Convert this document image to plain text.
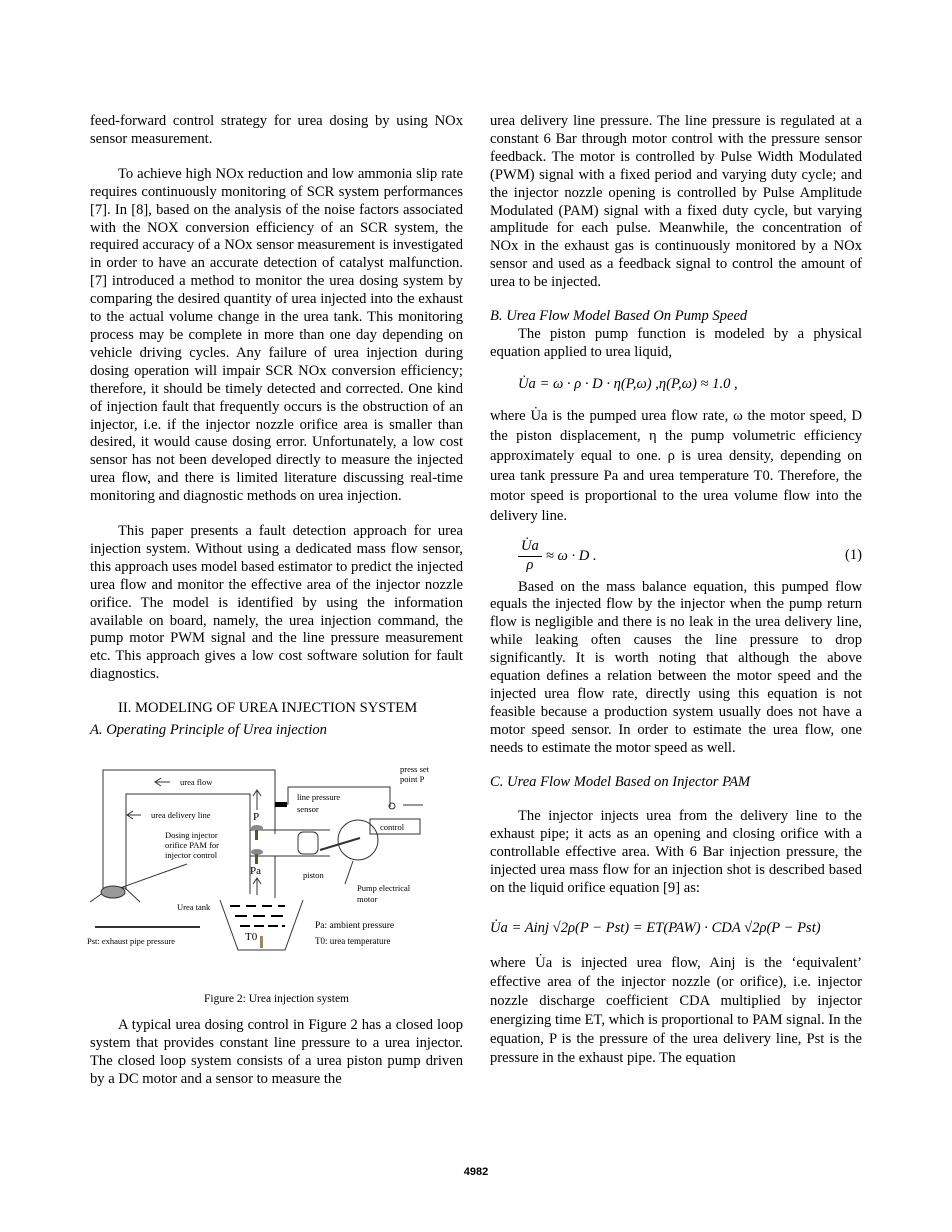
feed-forward control strategy for urea dosing by using NOx sensor measurement.
To achieve high NOx reduction and low ammonia slip rate requires continuously monitoring of SCR system performances [7]. In [8], based on the analysis of the noise factors associated with the NOX conversion efficiency of an SCR system, the required accuracy of a NOx sensor measurement is investigated in order to have an accurate detection of catalyst malfunction. [7] introduced a method to monitor the urea dosing system by comparing the desired quantity of urea injected into the exhaust to the actual volume change in the urea tank. This monitoring process may be complete in more than one day depending on vehicle driving cycles. Any failure of urea injection during dosing operation will impair SCR NOx conversion efficiency; therefore, it should be timely detected and corrected. One kind of injection fault that frequently occurs is the obstruction of an injector, i.e. if the injector nozzle orifice area is smaller than desired, it would cause dosing error. Unfortunately, a low cost sensor has not been developed directly to measure the injected urea flow, and there is limited literature discussing real-time monitoring and diagnostic methods on urea injection.
This paper presents a fault detection approach for urea injection system. Without using a dedicated mass flow sensor, this approach uses model based estimator to predict the injected urea flow and monitor the effective area of the injector nozzle orifice. The model is identified by using the information available on board, namely, the urea injection command, the pump motor PWM signal and the line pressure measurement etc. This approach gives a low cost software solution for fault diagnostics.
II. MODELING OF UREA INJECTION SYSTEM
A. Operating Principle of Urea injection
urea flow
urea delivery line
Dosing injector
orifice PAM for
injector control
Urea tank
Pst: exhaust pipe pressure
P
Pa
T0
line pressure
sensor
press set
point P
control
piston
Pump electrical
motor
Pa: ambient pressure
T0: urea temperature
Figure 2: Urea injection system
A typical urea dosing control in Figure 2 has a closed loop system that provides constant line pressure to a urea injector. The closed loop system consists of a urea piston pump driven by a DC motor and a sensor to measure the
urea delivery line pressure. The line pressure is regulated at a constant 6 Bar through motor control with the pressure sensor feedback. The motor is controlled by Pulse Width Modulated (PWM) signal with a fixed period and varying duty cycle; and the injector nozzle opening is controlled by Pulse Amplitude Modulated (PAM) signal with a fixed duty cycle, but varying amplitude for each pulse. Meanwhile, the concentration of NOx in the exhaust gas is continuously monitored by a NOx sensor and used as a feedback signal to control the amount of urea to be injected.
B. Urea Flow Model Based On Pump Speed
The piston pump function is modeled by a physical equation applied to urea liquid,
U̇a = ω · ρ · D · η(P,ω) ,η(P,ω) ≈ 1.0 ,
where U̇a is the pumped urea flow rate, ω the motor speed, D the piston displacement, η the pump volumetric efficiency approximately equal to one. ρ is urea density, depending on urea tank pressure Pa and urea temperature T0. Therefore, the motor speed is proportional to the urea volume flow into the delivery line.
$\frac{U̇a}{\rho} \approx \omega \cdot D$ .	(1)
Based on the mass balance equation, this pumped flow equals the injected flow by the injector when the pump return flow is negligible and there is no leak in the urea delivery line, while leaking often causes the line pressure to drop significantly. It is worth noting that although the above equation defines a relation between the motor speed and the injected urea flow rate, directly using this equation is not feasible because a production system usually does not have a motor speed sensor. In order to estimate the urea flow, one needs to estimate the motor speed as well.
C. Urea Flow Model Based on Injector PAM
The injector injects urea from the delivery line to the exhaust pipe; it acts as an opening and closing orifice with a controllable effective area. With 6 Bar injection pressure, the injected urea mass flow for an injection shot is described based on the liquid orifice equation [9] as:
U̇a = Ainj √2ρ(P − Pst) = ET(PAW) · CDA √2ρ(P − Pst)
where U̇a is injected urea flow, Ainj is the ‘equivalent’ effective area of the injector nozzle (or orifice), i.e. injector nozzle discharge coefficient CDA multiplied by injector energizing time ET, which is proportional to PAM signal. In the equation, P is the pressure of the urea delivery line, Pst is the pressure in the exhaust pipe. The equation
4982
